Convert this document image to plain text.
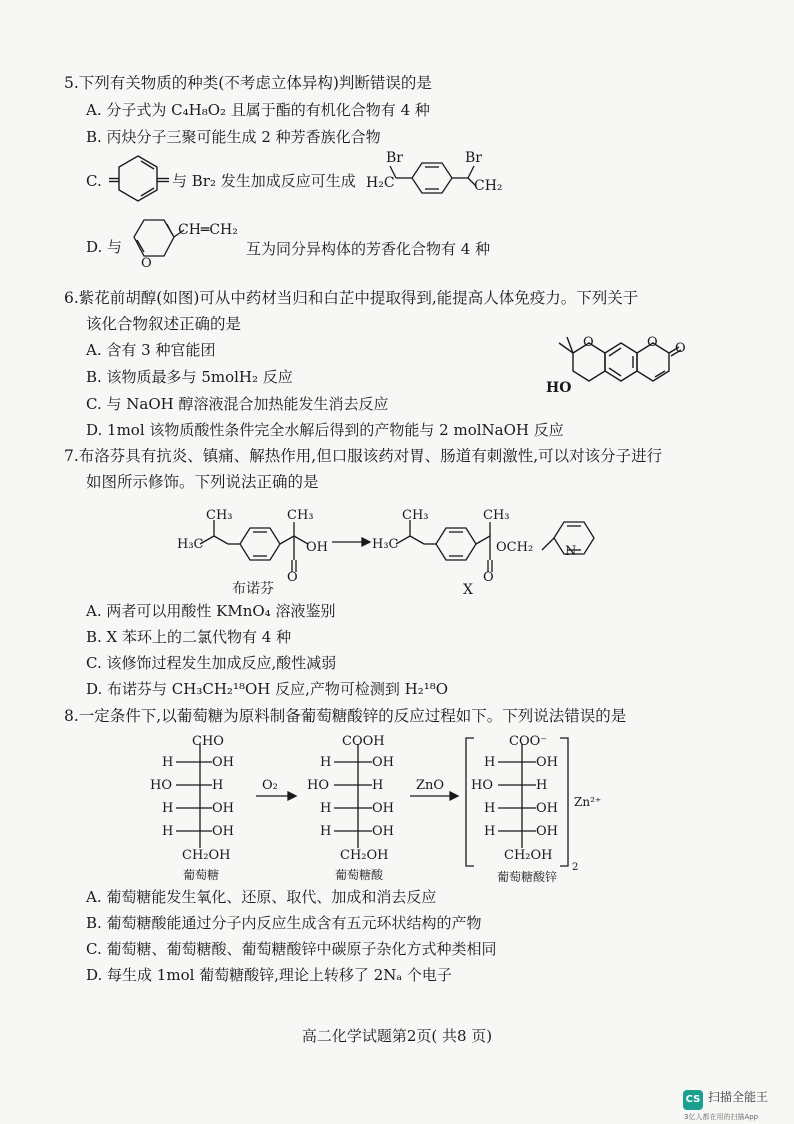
5.下列有关物质的种类(不考虑立体异构)判断错误的是
A. 分子式为 C₄H₈O₂ 且属于酯的有机化合物有 4 种
B. 丙炔分子三聚可能生成 2 种芳香族化合物
C.	与 Br₂ 发生加成反应可生成
Br	Br
H₂C	CH₂
D. 与
O
CH═CH₂
互为同分异构体的芳香化合物有 4 种
6.紫花前胡醇(如图)可从中药材当归和白芷中提取得到,能提高人体免疫力。下列关于
该化合物叙述正确的是
A. 含有 3 种官能团
B. 该物质最多与 5molH₂ 反应
C. 与 NaOH 醇溶液混合加热能发生消去反应
D. 1mol 该物质酸性条件完全水解后得到的产物能与 2 molNaOH 反应
O	O O
HO
7.布洛芬具有抗炎、镇痛、解热作用,但口服该药对胃、肠道有刺激性,可以对该分子进行
如图所示修饰。下列说法正确的是
CH₃
H₃C
CH₃
OH
O
CH₃
H₃C
CH₃
OCH₂
O
N
布诺芬	X
A. 两者可以用酸性 KMnO₄ 溶液鉴别
B. X 苯环上的二氯代物有 4 种
C. 该修饰过程发生加成反应,酸性减弱
D. 布诺芬与 CH₃CH₂¹⁸OH 反应,产物可检测到 H₂¹⁸O
8.一定条件下,以葡萄糖为原料制备葡萄糖酸锌的反应过程如下。下列说法错误的是
CHO
H	OH
HO	H
H	OH
H	OH
CH₂OH
葡萄糖
O₂
COOH
H	OH
HO	H
H	OH
H	OH
CH₂OH
葡萄糖酸
ZnO
COO⁻
H	OH
HO	H
H	OH
H	OH
CH₂OH
Zn²⁺
2
葡萄糖酸锌
A. 葡萄糖能发生氧化、还原、取代、加成和消去反应
B. 葡萄糖酸能通过分子内反应生成含有五元环状结构的产物
C. 葡萄糖、葡萄糖酸、葡萄糖酸锌中碳原子杂化方式种类相同
D. 每生成 1mol 葡萄糖酸锌,理论上转移了 2Nₐ 个电子
高二化学试题第2页( 共8 页)
CS 扫描全能王
3亿人都在用的扫描App
